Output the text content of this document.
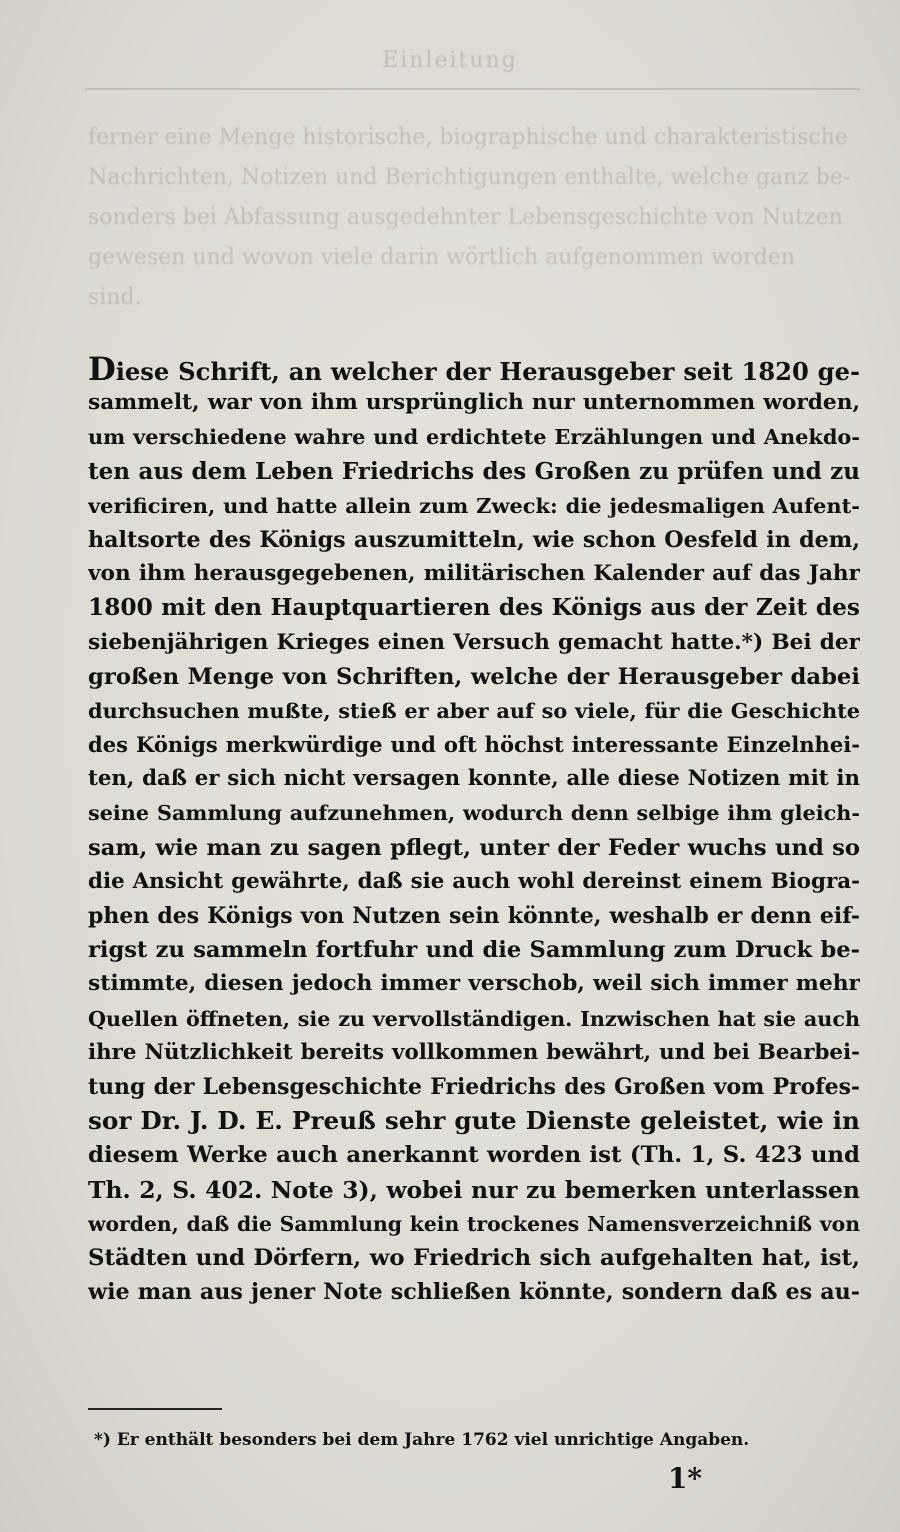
Einleitung
ferner eine Menge historische, biographische und charakteristische
Nachrichten, Notizen und Berichtigungen enthalte, welche ganz be-
sonders bei Abfassung ausgedehnter Lebensgeschichte von Nutzen
gewesen und wovon viele darin wörtlich aufgenommen worden
sind.
Diese Schrift, an welcher der Herausgeber seit 1820 ge-
sammelt, war von ihm ursprünglich nur unternommen worden,
um verschiedene wahre und erdichtete Erzählungen und Anekdo-
ten aus dem Leben Friedrichs des Großen zu prüfen und zu
verificiren, und hatte allein zum Zweck: die jedesmaligen Aufent-
haltsorte des Königs auszumitteln, wie schon Oesfeld in dem,
von ihm herausgegebenen, militärischen Kalender auf das Jahr
1800 mit den Hauptquartieren des Königs aus der Zeit des
siebenjährigen Krieges einen Versuch gemacht hatte.*) Bei der
großen Menge von Schriften, welche der Herausgeber dabei
durchsuchen mußte, stieß er aber auf so viele, für die Geschichte
des Königs merkwürdige und oft höchst interessante Einzelnhei-
ten, daß er sich nicht versagen konnte, alle diese Notizen mit in
seine Sammlung aufzunehmen, wodurch denn selbige ihm gleich-
sam, wie man zu sagen pflegt, unter der Feder wuchs und so
die Ansicht gewährte, daß sie auch wohl dereinst einem Biogra-
phen des Königs von Nutzen sein könnte, weshalb er denn eif-
rigst zu sammeln fortfuhr und die Sammlung zum Druck be-
stimmte, diesen jedoch immer verschob, weil sich immer mehr
Quellen öffneten, sie zu vervollständigen. Inzwischen hat sie auch
ihre Nützlichkeit bereits vollkommen bewährt, und bei Bearbei-
tung der Lebensgeschichte Friedrichs des Großen vom Profes-
sor Dr. J. D. E. Preuß sehr gute Dienste geleistet, wie in
diesem Werke auch anerkannt worden ist (Th. 1, S. 423 und
Th. 2, S. 402. Note 3), wobei nur zu bemerken unterlassen
worden, daß die Sammlung kein trockenes Namensverzeichniß von
Städten und Dörfern, wo Friedrich sich aufgehalten hat, ist,
wie man aus jener Note schließen könnte, sondern daß es au-
*) Er enthält besonders bei dem Jahre 1762 viel unrichtige Angaben.
1*
